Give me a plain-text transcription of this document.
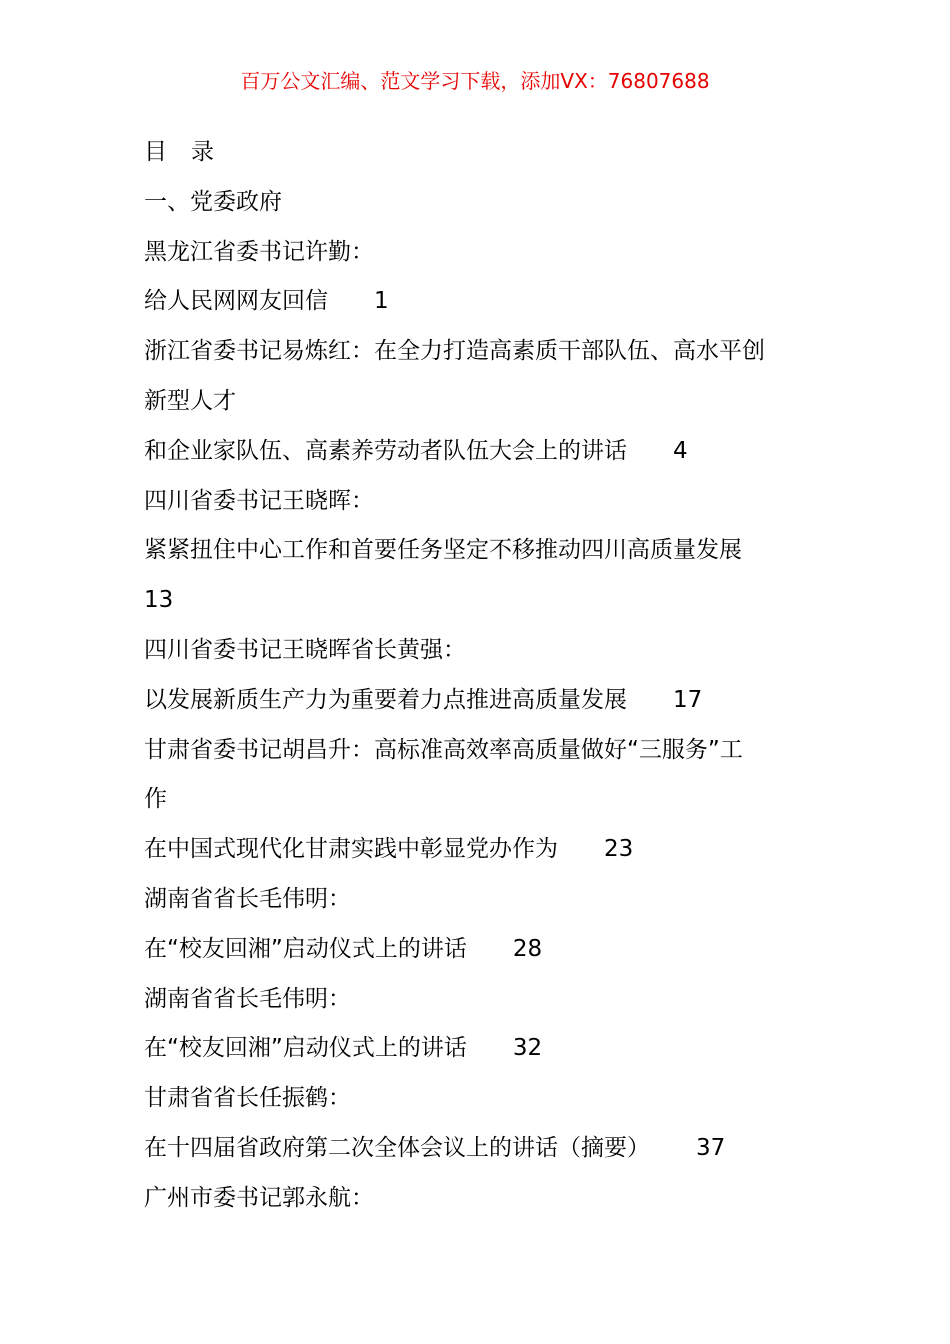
百万公文汇编、范文学习下载，添加VX：76807688
目 录
一、党委政府
黑龙江省委书记许勤：
给人民网网友回信 1
浙江省委书记易炼红：在全力打造高素质干部队伍、高水平创
新型人才
和企业家队伍、高素养劳动者队伍大会上的讲话 4
四川省委书记王晓晖：
紧紧扭住中心工作和首要任务坚定不移推动四川高质量发展
13
四川省委书记王晓晖省长黄强：
以发展新质生产力为重要着力点推进高质量发展 17
甘肃省委书记胡昌升：高标准高效率高质量做好“三服务”工
作
在中国式现代化甘肃实践中彰显党办作为 23
湖南省省长毛伟明：
在“校友回湘”启动仪式上的讲话 28
湖南省省长毛伟明：
在“校友回湘”启动仪式上的讲话 32
甘肃省省长任振鹤：
在十四届省政府第二次全体会议上的讲话（摘要） 37
广州市委书记郭永航：
